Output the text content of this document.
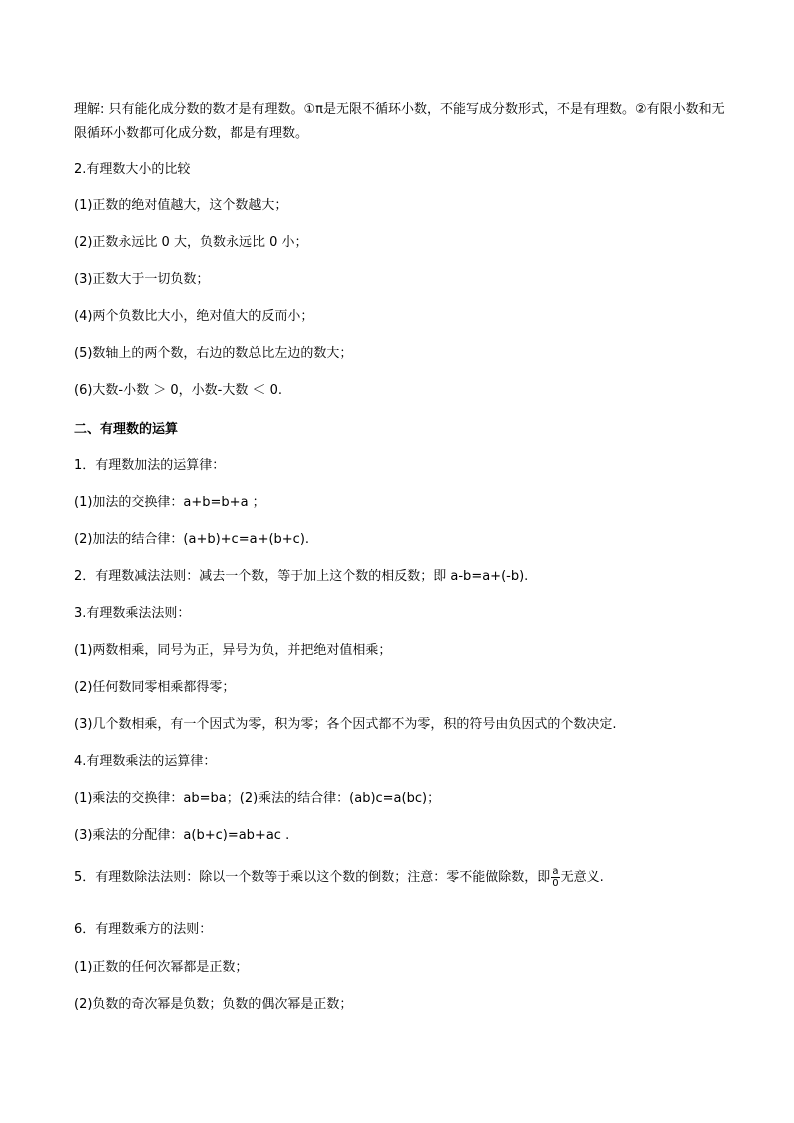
理解: 只有能化成分数的数才是有理数。①π是无限不循环小数，不能写成分数形式，不是有理数。②有限小数和无限循环小数都可化成分数，都是有理数。
2.有理数大小的比较
(1)正数的绝对值越大，这个数越大；
(2)正数永远比 0 大，负数永远比 0 小；
(3)正数大于一切负数；
(4)两个负数比大小，绝对值大的反而小；
(5)数轴上的两个数，右边的数总比左边的数大；
(6)大数-小数 ＞ 0，小数-大数 ＜ 0.
二、有理数的运算
1．有理数加法的运算律：
(1)加法的交换律：a+b=b+a ；
(2)加法的结合律：(a+b)+c=a+(b+c).
2．有理数减法法则：减去一个数，等于加上这个数的相反数；即 a-b=a+(-b).
3.有理数乘法法则：
(1)两数相乘，同号为正，异号为负，并把绝对值相乘；
(2)任何数同零相乘都得零；
(3)几个数相乘，有一个因式为零，积为零；各个因式都不为零，积的符号由负因式的个数决定.
4.有理数乘法的运算律：
(1)乘法的交换律：ab=ba；(2)乘法的结合律：(ab)c=a(bc)；
(3)乘法的分配律：a(b+c)=ab+ac .
5．有理数除法法则：除以一个数等于乘以这个数的倒数；注意：零不能做除数，即 $\frac{a}{0}$ 无意义.
6．有理数乘方的法则：
(1)正数的任何次幂都是正数；
(2)负数的奇次幂是负数；负数的偶次幂是正数；
